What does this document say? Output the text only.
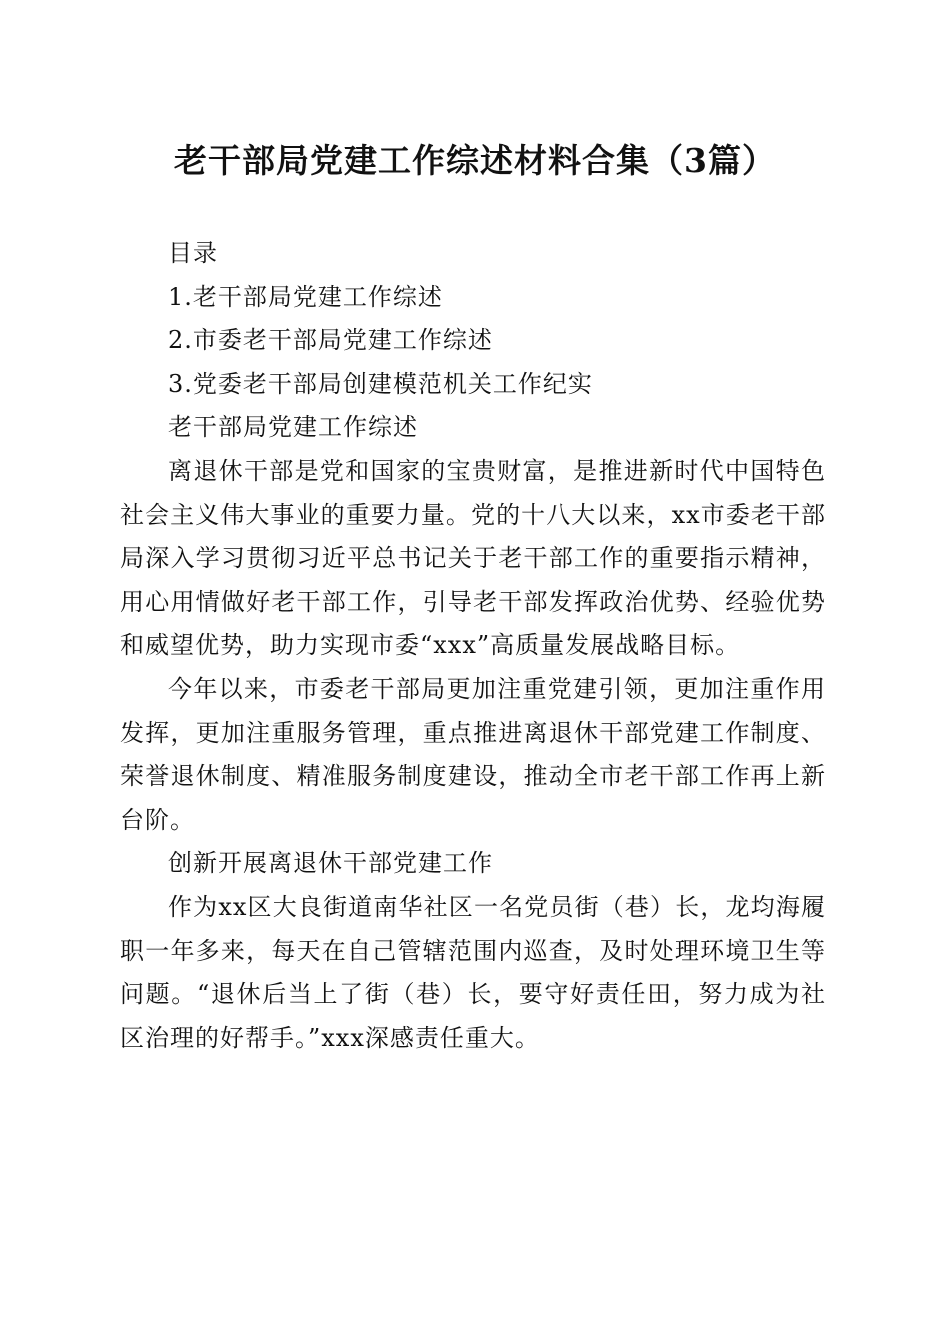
老干部局党建工作综述材料合集（3篇）

目录

1.老干部局党建工作综述

2.市委老干部局党建工作综述

3.党委老干部局创建模范机关工作纪实

老干部局党建工作综述

离退休干部是党和国家的宝贵财富，是推进新时代中国特色社会主义伟大事业的重要力量。党的十八大以来，xx市委老干部局深入学习贯彻习近平总书记关于老干部工作的重要指示精神，用心用情做好老干部工作，引导老干部发挥政治优势、经验优势和威望优势，助力实现市委“xxx”高质量发展战略目标。

今年以来，市委老干部局更加注重党建引领，更加注重作用发挥，更加注重服务管理，重点推进离退休干部党建工作制度、荣誉退休制度、精准服务制度建设，推动全市老干部工作再上新台阶。

创新开展离退休干部党建工作

作为xx区大良街道南华社区一名党员街（巷）长，龙均海履职一年多来，每天在自己管辖范围内巡查，及时处理环境卫生等问题。“退休后当上了街（巷）长，要守好责任田，努力成为社区治理的好帮手。”xxx深感责任重大。
